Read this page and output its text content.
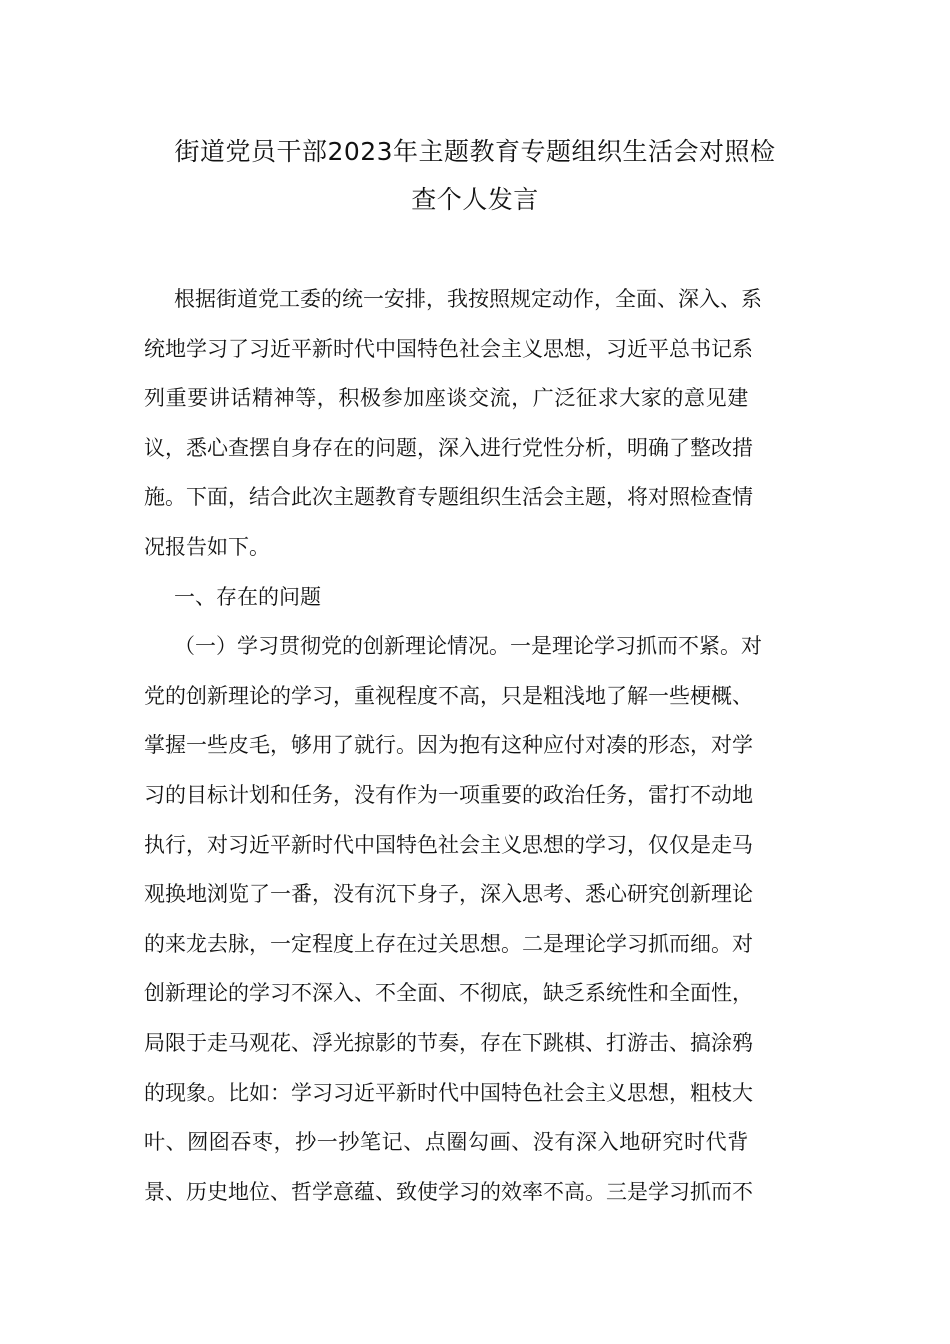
街道党员干部2023年主题教育专题组织生活会对照检
查个人发言

根据街道党工委的统一安排，我按照规定动作，全面、深入、系
统地学习了习近平新时代中国特色社会主义思想，习近平总书记系
列重要讲话精神等，积极参加座谈交流，广泛征求大家的意见建
议，悉心查摆自身存在的问题，深入进行党性分析，明确了整改措
施。下面，结合此次主题教育专题组织生活会主题，将对照检查情
况报告如下。

一、存在的问题

（一）学习贯彻党的创新理论情况。一是理论学习抓而不紧。对
党的创新理论的学习，重视程度不高，只是粗浅地了解一些梗概、
掌握一些皮毛，够用了就行。因为抱有这种应付对凑的形态，对学
习的目标计划和任务，没有作为一项重要的政治任务，雷打不动地
执行，对习近平新时代中国特色社会主义思想的学习，仅仅是走马
观换地浏览了一番，没有沉下身子，深入思考、悉心研究创新理论
的来龙去脉，一定程度上存在过关思想。二是理论学习抓而细。对
创新理论的学习不深入、不全面、不彻底，缺乏系统性和全面性，
局限于走马观花、浮光掠影的节奏，存在下跳棋、打游击、搞涂鸦
的现象。比如：学习习近平新时代中国特色社会主义思想，粗枝大
叶、囫囵吞枣，抄一抄笔记、点圈勾画、没有深入地研究时代背
景、历史地位、哲学意蕴、致使学习的效率不高。三是学习抓而不
